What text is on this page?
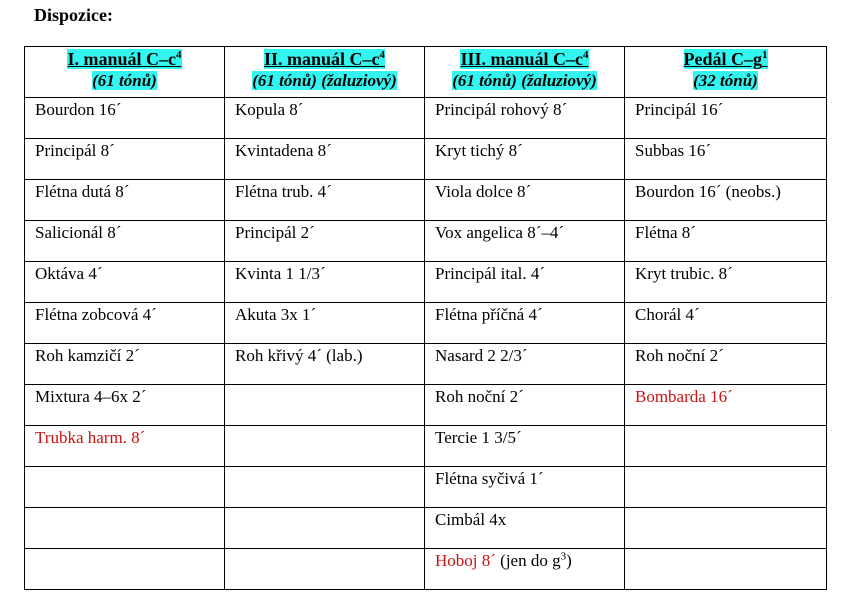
Dispozice:
I. manuál $C-c^4$
(61 tónů)	II. manuál $C-c^4$
(61 tónů) (žaluziový)	III. manuál $C-c^4$
(61 tónů) (žaluziový)	Pedál $C-g^1$
(32 tónů)
Bourdon 16´	Kopula 8´	Principál rohový 8´	Principál 16´
Principál 8´	Kvintadena 8´	Kryt tichý 8´	Subbas 16´
Flétna dutá 8´	Flétna trub. 4´	Viola dolce 8´	Bourdon 16´ (neobs.)
Salicionál 8´	Principál 2´	Vox angelica 8´–4´	Flétna 8´
Oktáva 4´	Kvinta 1 1/3´	Principál ital. 4´	Kryt trubic. 8´
Flétna zobcová 4´	Akuta 3x 1´	Flétna příčná 4´	Chorál 4´
Roh kamzičí 2´	Roh křivý 4´ (lab.)	Nasard 2 2/3´	Roh noční 2´
Mixtura 4–6x 2´		Roh noční 2´	Bombarda 16´
Trubka harm. 8´		Tercie 1 3/5´	
		Flétna syčivá 1´	
		Cimbál 4x	
		Hoboj 8´ (jen do $g^3$)	
